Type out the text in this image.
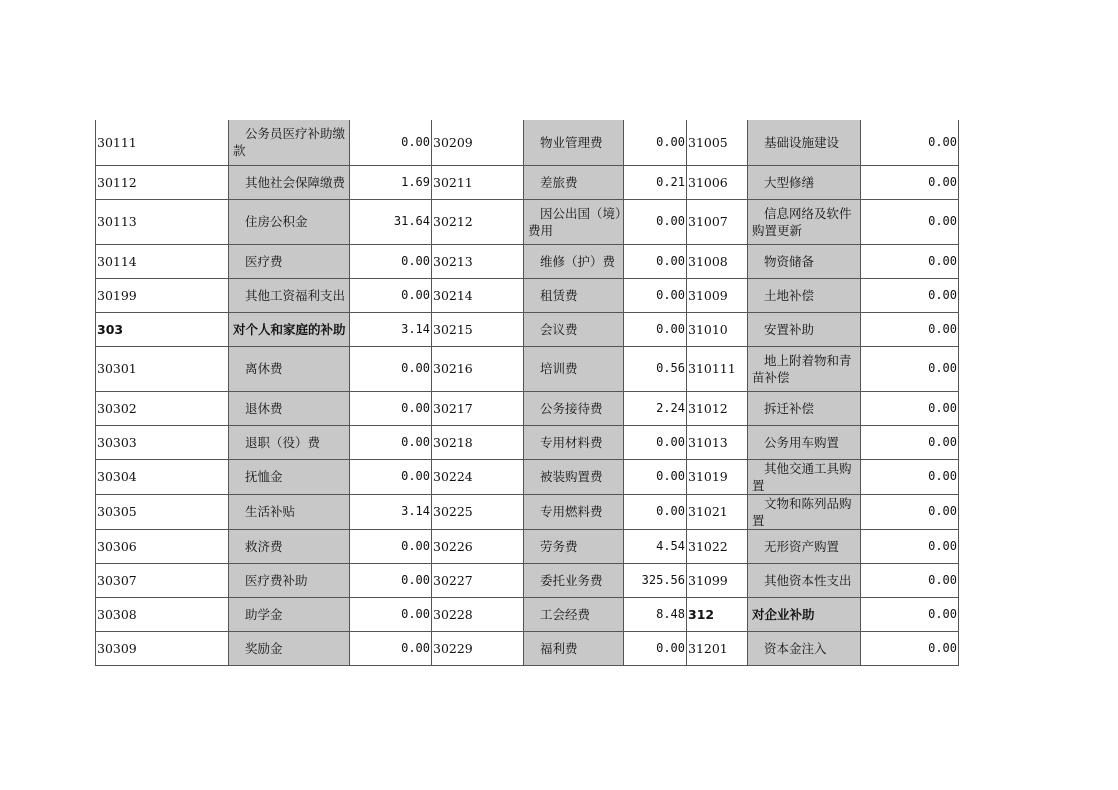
30111	公务员医疗补助缴款	0.00	30209	物业管理费	0.00	31005	基础设施建设	0.00
30112	其他社会保障缴费	1.69	30211	差旅费	0.21	31006	大型修缮	0.00
30113	住房公积金	31.64	30212	因公出国（境）费用	0.00	31007	信息网络及软件购置更新	0.00
30114	医疗费	0.00	30213	维修（护）费	0.00	31008	物资储备	0.00
30199	其他工资福利支出	0.00	30214	租赁费	0.00	31009	土地补偿	0.00
303	对个人和家庭的补助	3.14	30215	会议费	0.00	31010	安置补助	0.00
30301	离休费	0.00	30216	培训费	0.56	310111	地上附着物和青苗补偿	0.00
30302	退休费	0.00	30217	公务接待费	2.24	31012	拆迁补偿	0.00
30303	退职（役）费	0.00	30218	专用材料费	0.00	31013	公务用车购置	0.00
30304	抚恤金	0.00	30224	被装购置费	0.00	31019	其他交通工具购置	0.00
30305	生活补贴	3.14	30225	专用燃料费	0.00	31021	文物和陈列品购置	0.00
30306	救济费	0.00	30226	劳务费	4.54	31022	无形资产购置	0.00
30307	医疗费补助	0.00	30227	委托业务费	325.56	31099	其他资本性支出	0.00
30308	助学金	0.00	30228	工会经费	8.48	312	对企业补助	0.00
30309	奖励金	0.00	30229	福利费	0.00	31201	资本金注入	0.00
